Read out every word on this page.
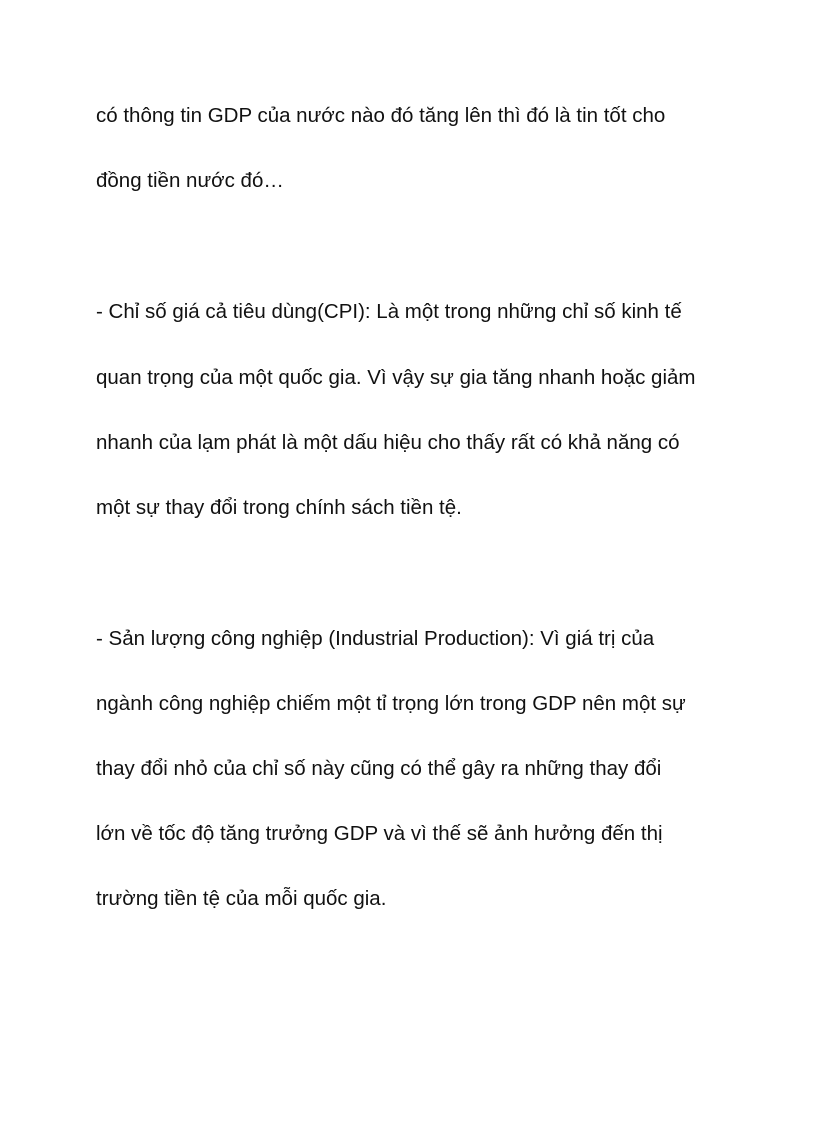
có thông tin GDP của nước nào đó tăng lên thì đó là tin tốt cho
đồng tiền nước đó…
- Chỉ số giá cả tiêu dùng(CPI): Là một trong những chỉ số kinh tế
quan trọng của một quốc gia. Vì vậy sự gia tăng nhanh hoặc giảm
nhanh của lạm phát là một dấu hiệu cho thấy rất có khả năng có
một sự thay đổi trong chính sách tiền tệ.
- Sản lượng công nghiệp (Industrial Production): Vì giá trị của
ngành công nghiệp chiếm một tỉ trọng lớn trong GDP nên một sự
thay đổi nhỏ của chỉ số này cũng có thể gây ra những thay đổi
lớn về tốc độ tăng trưởng GDP và vì thế sẽ ảnh hưởng đến thị
trường tiền tệ của mỗi quốc gia.
